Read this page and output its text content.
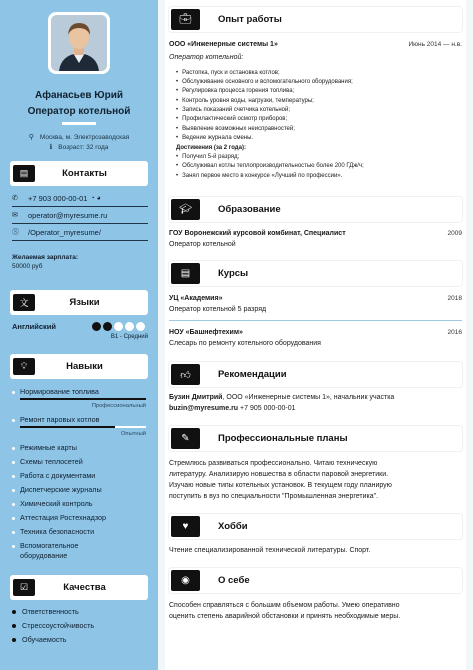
Афанасьев Юрий
Оператор котельной
⚲ Москва, м. Электрозаводская
ℹ Возраст: 32 года
▤	Контакты
✆	+7 903 000-00-01 ◔ ◕
✉	operator@myresume.ru
Ⓢ	/Operator_myresume/
Желаемая зарплата:
50000 руб
文	Языки
Английский
B1 - Средний
💡︎	Навыки
Нормирование топлива
Профессиональный
Ремонт паровых котлов
Опытный
Режимные карты
Схемы теплосетей
Работа с документами
Диспетчерские журналы
Химический контроль
Аттестация Ростехнадзор
Техника безопасности
Вспомогательное
оборудование
☑	Качества
Ответственность
Стрессоустойчивость
Обучаемость
💼︎	Опыт работы
ООО «Инженерные системы 1»	Июнь 2014 — н.в.
Оператор котельной:
• Растопка, пуск и остановка котлов;
• Обслуживание основного и вспомогательного оборудования;
• Регулировка процесса горения топлива;
• Контроль уровня воды, нагрузки, температуры;
• Запись показаний счетчика котельной;
• Профилактический осмотр приборов;
• Выявление возможных неисправностей;
• Ведение журнала смены.
Достижения (за 2 года):
• Получил 5-й разряд;
• Обслуживал котлы теплопроизводительностью более 200 ГДж/ч;
• Занял первое место в конкурсе «Лучший по профессии».
🎓︎	Образование
ГОУ Воронежский курсовой комбинат, Специалист	2009
Оператор котельной
▤	Курсы
УЦ «Академия»	2018
Оператор котельной 5 разряд
НОУ «Башнефтехим»	2016
Слесарь по ремонту котельного оборудования
👍︎	Рекомендации
Бузин Дмитрий, ООО «Инженерные системы 1», начальник участка
buzin@myresume.ru +7 905 000-00-01
✎	Профессиональные планы
Стремлюсь развиваться профессионально. Читаю техническую
литературу. Анализирую новшества в области паровой энергетики.
Изучаю новые типы котельных установок. В текущем году планирую
поступить в вуз по специальности "Промышленная энергетика".
♥	Хобби
Чтение специализированной технической литературы. Спорт.
◉	О себе
Способен справляться с большим объемом работы. Умею оперативно
оценить степень аварийной обстановки и принять необходимые меры.
